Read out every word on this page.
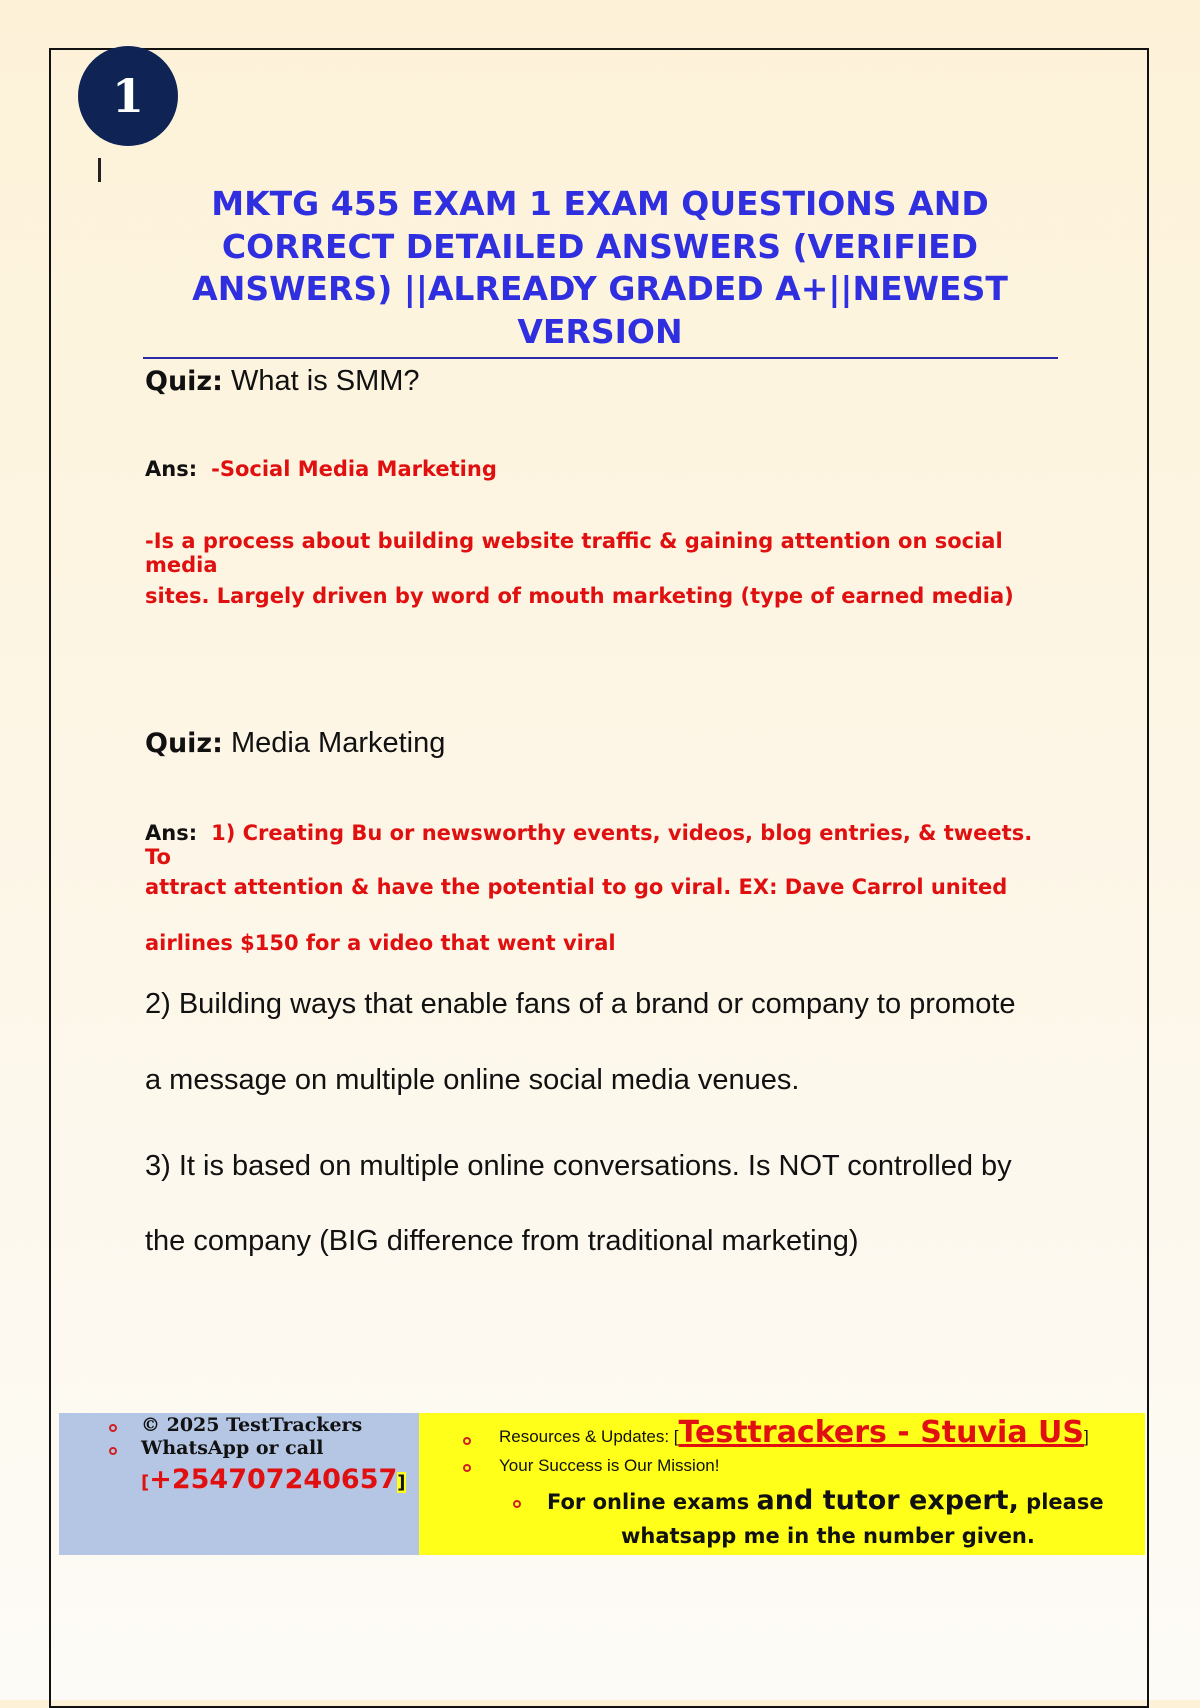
1
MKTG 455 EXAM 1 EXAM QUESTIONS AND CORRECT DETAILED ANSWERS (VERIFIED ANSWERS) ||ALREADY GRADED A+||NEWEST VERSION
Quiz: What is SMM?
Ans: -Social Media Marketing
-Is a process about building website traffic & gaining attention on social media
sites. Largely driven by word of mouth marketing (type of earned media)
Quiz: Media Marketing
Ans: 1) Creating Bu or newsworthy events, videos, blog entries, & tweets. To
attract attention & have the potential to go viral. EX: Dave Carrol united
airlines $150 for a video that went viral
2) Building ways that enable fans of a brand or company to promote
a message on multiple online social media venues.
3) It is based on multiple online conversations. Is NOT controlled by
the company (BIG difference from traditional marketing)
© 2025 TestTrackers
WhatsApp or call
[+254707240657]
Resources & Updates: [Testtrackers - Stuvia US]
Your Success is Our Mission!
For online exams and tutor expert, please
whatsapp me in the number given.
